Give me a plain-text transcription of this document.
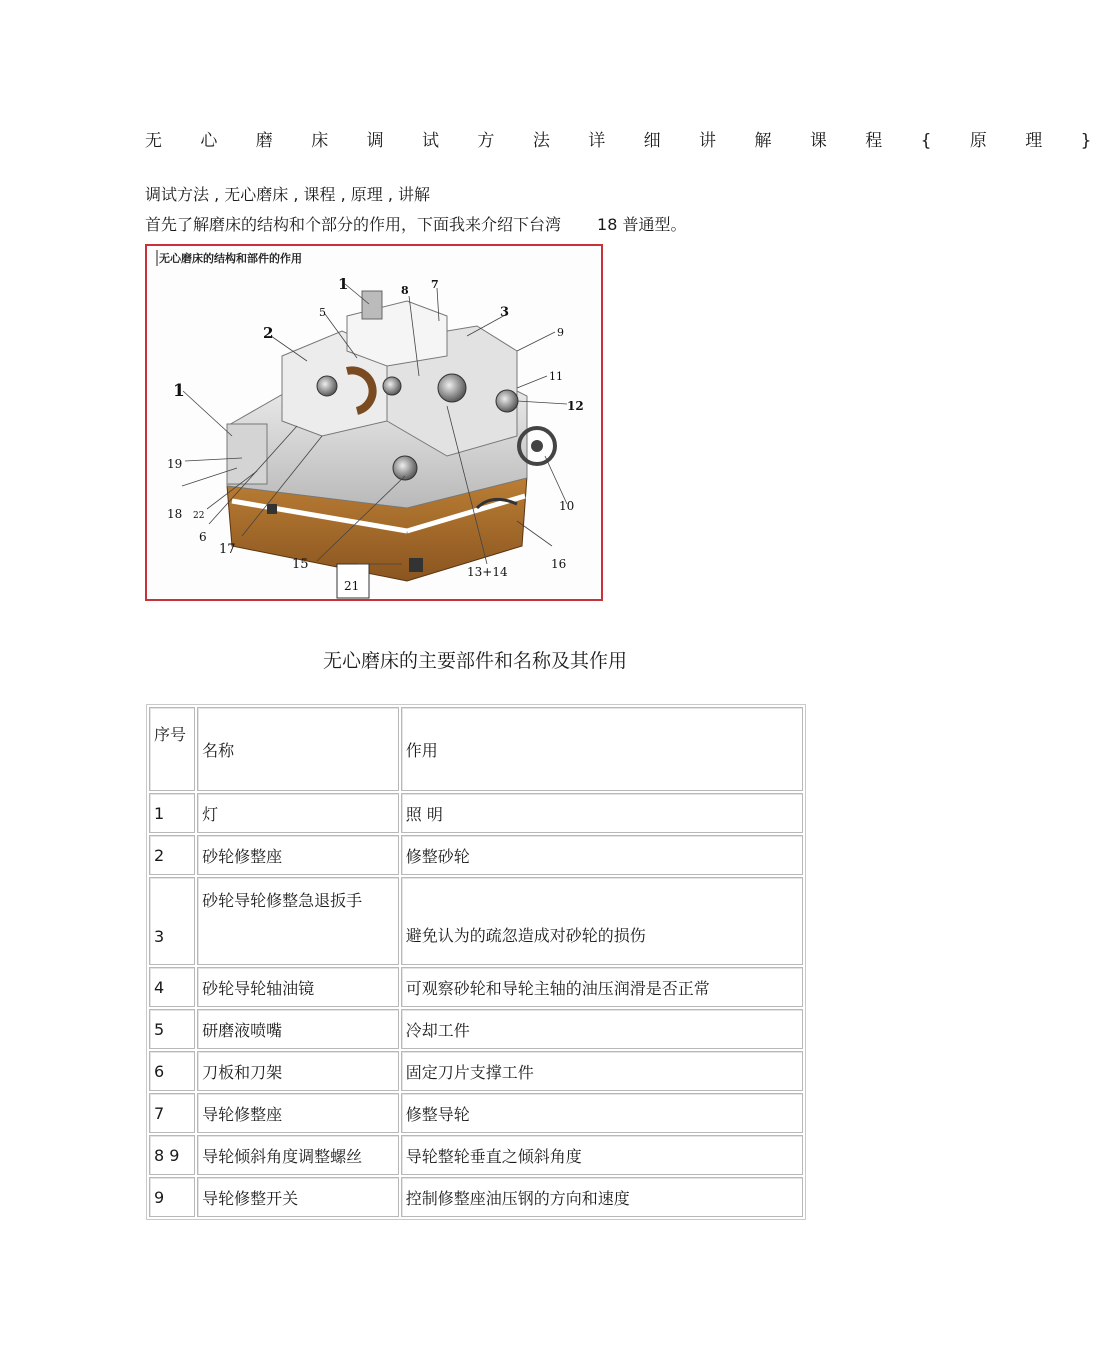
无 心 磨 床 调 试 方 法 详 细 讲 解 课 程 { 原 理 }
调试方法 , 无心磨床 , 课程 , 原理 , 讲解
首先了解磨床的结构和个部分的作用，下面我来介绍下台湾 18 普通型。
无心磨床的结构和部件的作用
1
2
3
5
7
8
9
10
11
12
13+14
15	16
17
18
19
21
22
1
6
无心磨床的主要部件和名称及其作用
序号	名称	作用
1	灯	照 明
2	砂轮修整座	修整砂轮
3	砂轮导轮修整急退扳手	避免认为的疏忽造成对砂轮的损伤
4	砂轮导轮轴油镜	可观察砂轮和导轮主轴的油压润滑是否正常
5	研磨液喷嘴	冷却工件
6	刀板和刀架	固定刀片支撑工件
7	导轮修整座	修整导轮
8 9	导轮倾斜角度调整螺丝	导轮整轮垂直之倾斜角度
9	导轮修整开关	控制修整座油压钢的方向和速度
